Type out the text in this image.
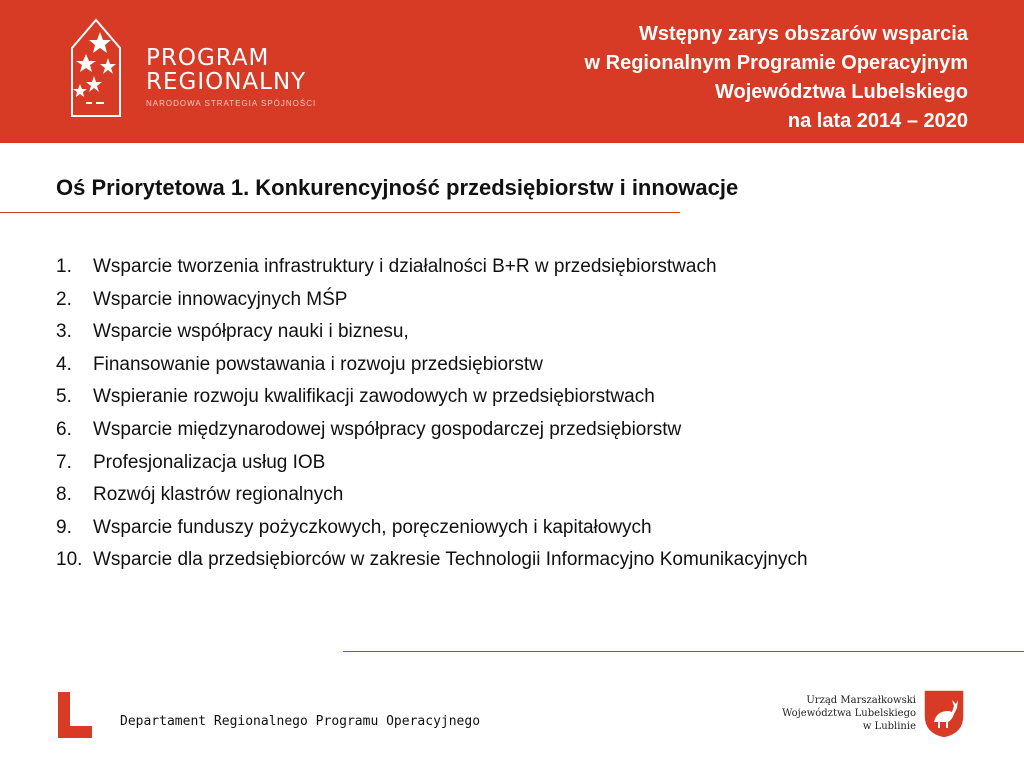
PROGRAM
REGIONALNY
NARODOWA STRATEGIA SPÓJNOŚCI
Wstępny zarys obszarów wsparcia
w Regionalnym Programie Operacyjnym
Województwa Lubelskiego
na lata 2014 – 2020
Oś Priorytetowa 1. Konkurencyjność przedsiębiorstw i innowacje
1. Wsparcie tworzenia infrastruktury i działalności B+R w przedsiębiorstwach
2. Wsparcie innowacyjnych MŚP
3. Wsparcie współpracy nauki i biznesu,
4. Finansowanie powstawania i rozwoju przedsiębiorstw
5. Wspieranie rozwoju kwalifikacji zawodowych w przedsiębiorstwach
6. Wsparcie międzynarodowej współpracy gospodarczej przedsiębiorstw
7. Profesjonalizacja usług IOB
8. Rozwój klastrów regionalnych
9. Wsparcie funduszy pożyczkowych, poręczeniowych i kapitałowych
10. Wsparcie dla przedsiębiorców w zakresie Technologii Informacyjno Komunikacyjnych
Departament Regionalnego Programu Operacyjnego
Urząd Marszałkowski
Województwa Lubelskiego
w Lublinie
